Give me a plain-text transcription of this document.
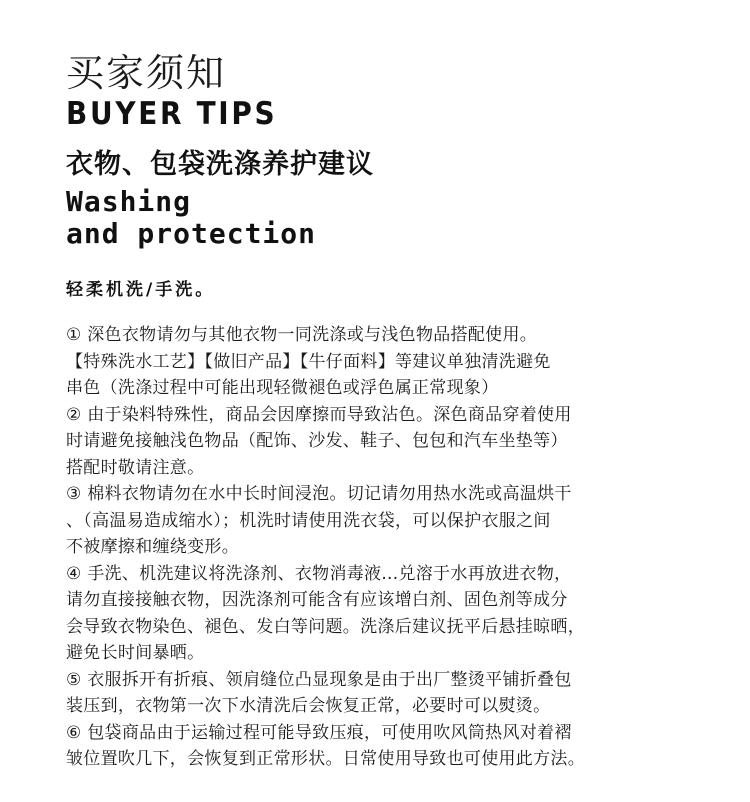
买家须知
BUYER TIPS
衣物、包袋洗涤养护建议
Washing
and protection
轻柔机洗/手洗。
① 深色衣物请勿与其他衣物一同洗涤或与浅色物品搭配使用。
【特殊洗水工艺】【做旧产品】【牛仔面料】等建议单独清洗避免
串色（洗涤过程中可能出现轻微褪色或浮色属正常现象）
② 由于染料特殊性，商品会因摩擦而导致沾色。深色商品穿着使用
时请避免接触浅色物品（配饰、沙发、鞋子、包包和汽车坐垫等）
搭配时敬请注意。
③ 棉料衣物请勿在水中长时间浸泡。切记请勿用热水洗或高温烘干
、（高温易造成缩水）；机洗时请使用洗衣袋，可以保护衣服之间
不被摩擦和缠绕变形。
④ 手洗、机洗建议将洗涤剂、衣物消毒液...兑溶于水再放进衣物，
请勿直接接触衣物，因洗涤剂可能含有应该增白剂、固色剂等成分
会导致衣物染色、褪色、发白等问题。洗涤后建议抚平后悬挂晾晒，
避免长时间暴晒。
⑤ 衣服拆开有折痕、领肩缝位凸显现象是由于出厂整烫平铺折叠包
装压到，衣物第一次下水清洗后会恢复正常，必要时可以熨烫。
⑥ 包袋商品由于运输过程可能导致压痕，可使用吹风筒热风对着褶
皱位置吹几下，会恢复到正常形状。日常使用导致也可使用此方法。
